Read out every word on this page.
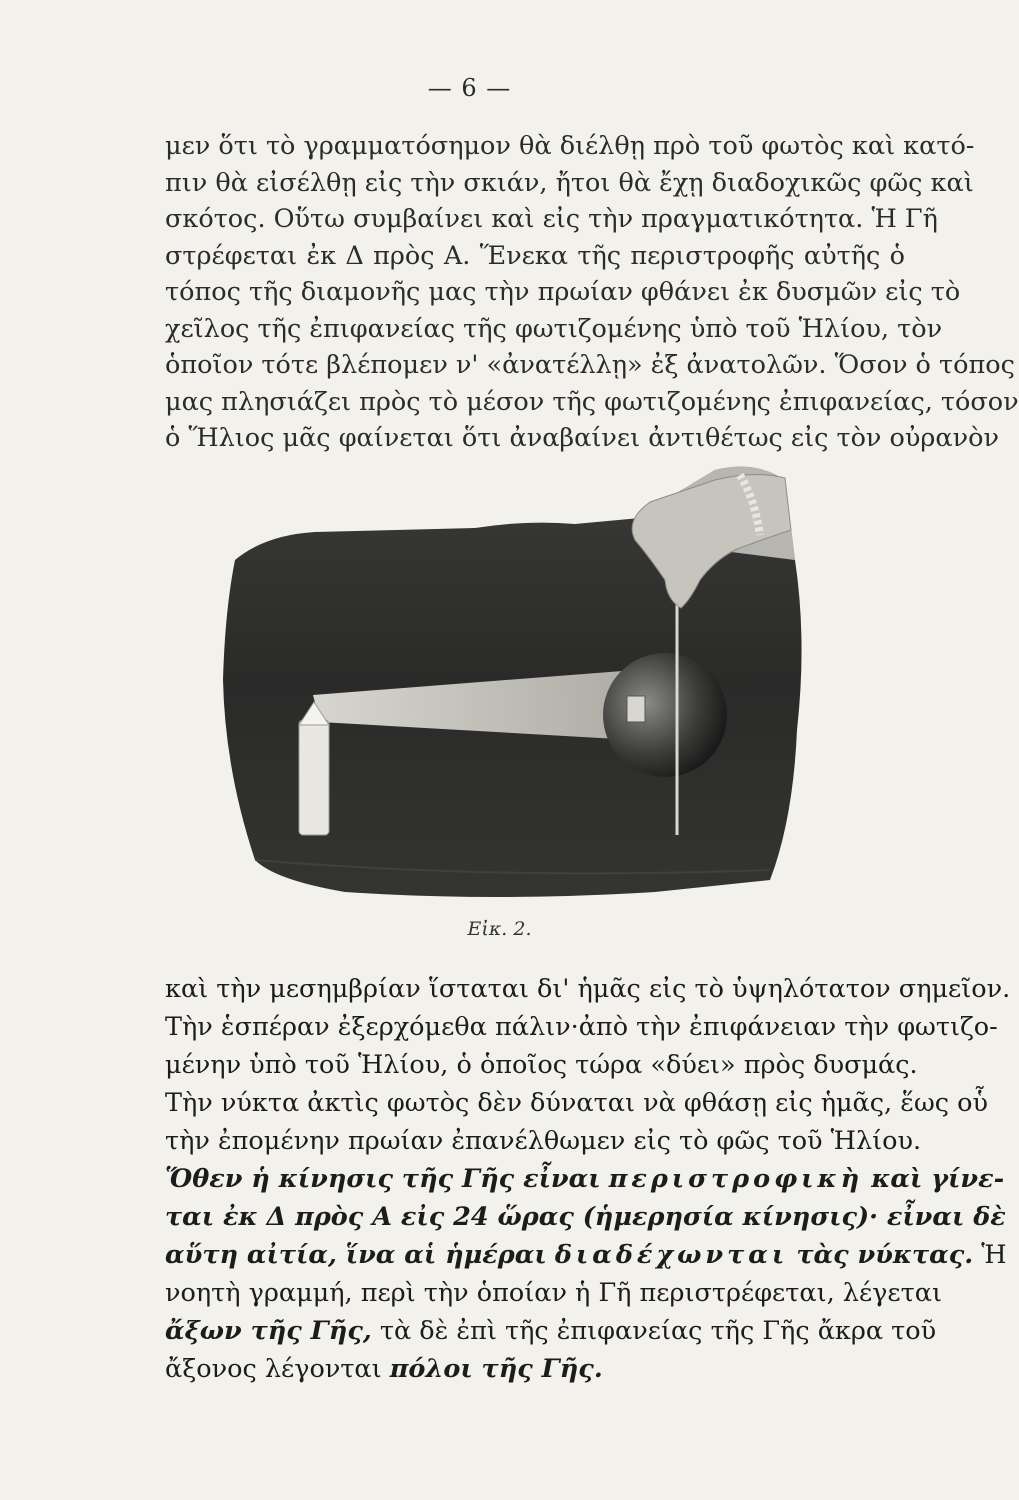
— 6 —
μεν ὅτι τὸ γραμματόσημον θὰ διέλθῃ πρὸ τοῦ φωτὸς καὶ κατό-
πιν θὰ εἰσέλθῃ εἰς τὴν σκιάν, ἤτοι θὰ ἔχῃ διαδοχικῶς φῶς καὶ
σκότος. Οὕτω συμβαίνει καὶ εἰς τὴν πραγματικότητα. Ἡ Γῆ
στρέφεται ἐκ Δ πρὸς Α. Ἕνεκα τῆς περιστροφῆς αὐτῆς ὁ
τόπος τῆς διαμονῆς μας τὴν πρωίαν φθάνει ἐκ δυσμῶν εἰς τὸ
χεῖλος τῆς ἐπιφανείας τῆς φωτιζομένης ὑπὸ τοῦ Ἡλίου, τὸν
ὁποῖον τότε βλέπομεν ν' «ἀνατέλλῃ» ἐξ ἀνατολῶν. Ὅσον ὁ τόπος
μας πλησιάζει πρὸς τὸ μέσον τῆς φωτιζομένης ἐπιφανείας, τόσον
ὁ Ἥλιος μᾶς φαίνεται ὅτι ἀναβαίνει ἀντιθέτως εἰς τὸν οὐρανὸν
Εἰκ. 2.
καὶ τὴν μεσημβρίαν ἵσταται δι' ἡμᾶς εἰς τὸ ὑψηλότατον σημεῖον.
Τὴν ἑσπέραν ἐξερχόμεθα πάλιν·ἀπὸ τὴν ἐπιφάνειαν τὴν φωτιζο-
μένην ὑπὸ τοῦ Ἡλίου, ὁ ὁποῖος τώρα «δύει» πρὸς δυσμάς.
Τὴν νύκτα ἀκτὶς φωτὸς δὲν δύναται νὰ φθάσῃ εἰς ἡμᾶς, ἕως οὗ
τὴν ἐπομένην πρωίαν ἐπανέλθωμεν εἰς τὸ φῶς τοῦ Ἡλίου.
Ὅθεν ἡ κίνησις τῆς Γῆς εἶναι περιστροφικὴ καὶ γίνε-
ται ἐκ Δ πρὸς Α εἰς 24 ὥρας (ἡμερησία κίνησις)· εἶναι δὲ
αὕτη αἰτία, ἵνα αἱ ἡμέραι διαδέχωνται τὰς νύκτας. Ἡ
νοητὴ γραμμή, περὶ τὴν ὁποίαν ἡ Γῆ περιστρέφεται, λέγεται
ἄξων τῆς Γῆς, τὰ δὲ ἐπὶ τῆς ἐπιφανείας τῆς Γῆς ἄκρα τοῦ
ἄξονος λέγονται πόλοι τῆς Γῆς.
